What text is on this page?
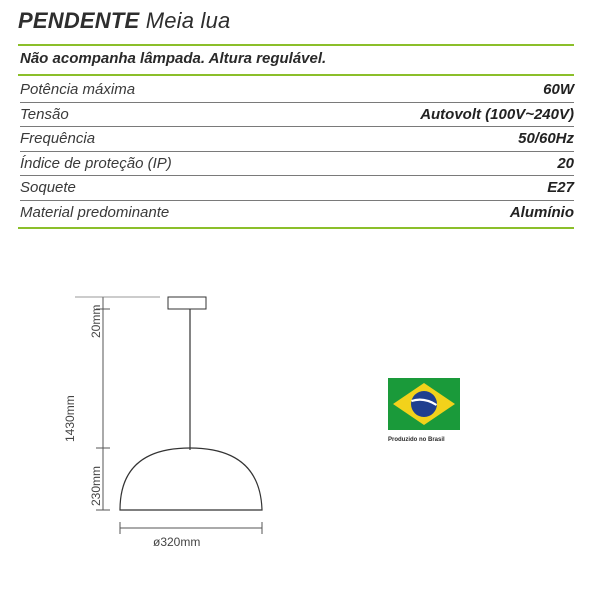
PENDENTE Meia lua
Não acompanha lâmpada. Altura regulável.
Potência máxima	60W
Tensão	Autovolt (100V~240V)
Frequência	50/60Hz
Índice de proteção (IP)	20
Soquete	E27
Material predominante	Alumínio
20mm
1430mm
230mm
ø320mm
Produzido no Brasil
